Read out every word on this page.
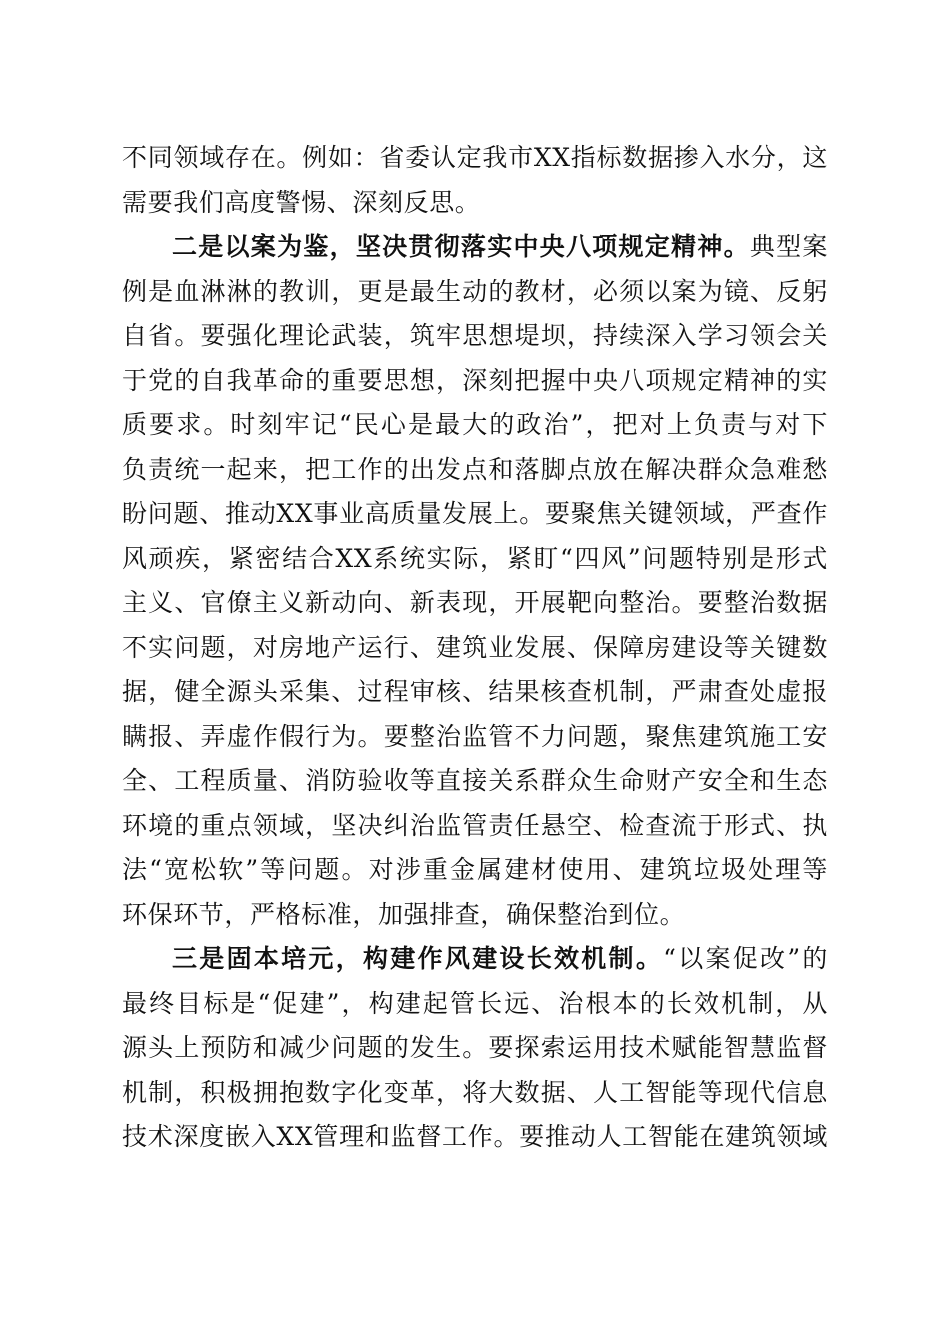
不同领域存在。例如：省委认定我市XX指标数据掺入水分，这
需要我们高度警惕、深刻反思。
二是以案为鉴，坚决贯彻落实中央八项规定精神。典型案
例是血淋淋的教训，更是最生动的教材，必须以案为镜、反躬
自省。要强化理论武装，筑牢思想堤坝，持续深入学习领会关
于党的自我革命的重要思想，深刻把握中央八项规定精神的实
质要求。时刻牢记“民心是最大的政治”，把对上负责与对下
负责统一起来，把工作的出发点和落脚点放在解决群众急难愁
盼问题、推动XX事业高质量发展上。要聚焦关键领域，严查作
风顽疾，紧密结合XX系统实际，紧盯“四风”问题特别是形式
主义、官僚主义新动向、新表现，开展靶向整治。要整治数据
不实问题，对房地产运行、建筑业发展、保障房建设等关键数
据，健全源头采集、过程审核、结果核查机制，严肃查处虚报
瞒报、弄虚作假行为。要整治监管不力问题，聚焦建筑施工安
全、工程质量、消防验收等直接关系群众生命财产安全和生态
环境的重点领域，坚决纠治监管责任悬空、检查流于形式、执
法“宽松软”等问题。对涉重金属建材使用、建筑垃圾处理等
环保环节，严格标准，加强排查，确保整治到位。
三是固本培元，构建作风建设长效机制。“以案促改”的
最终目标是“促建”，构建起管长远、治根本的长效机制，从
源头上预防和减少问题的发生。要探索运用技术赋能智慧监督
机制，积极拥抱数字化变革，将大数据、人工智能等现代信息
技术深度嵌入XX管理和监督工作。要推动人工智能在建筑领域
